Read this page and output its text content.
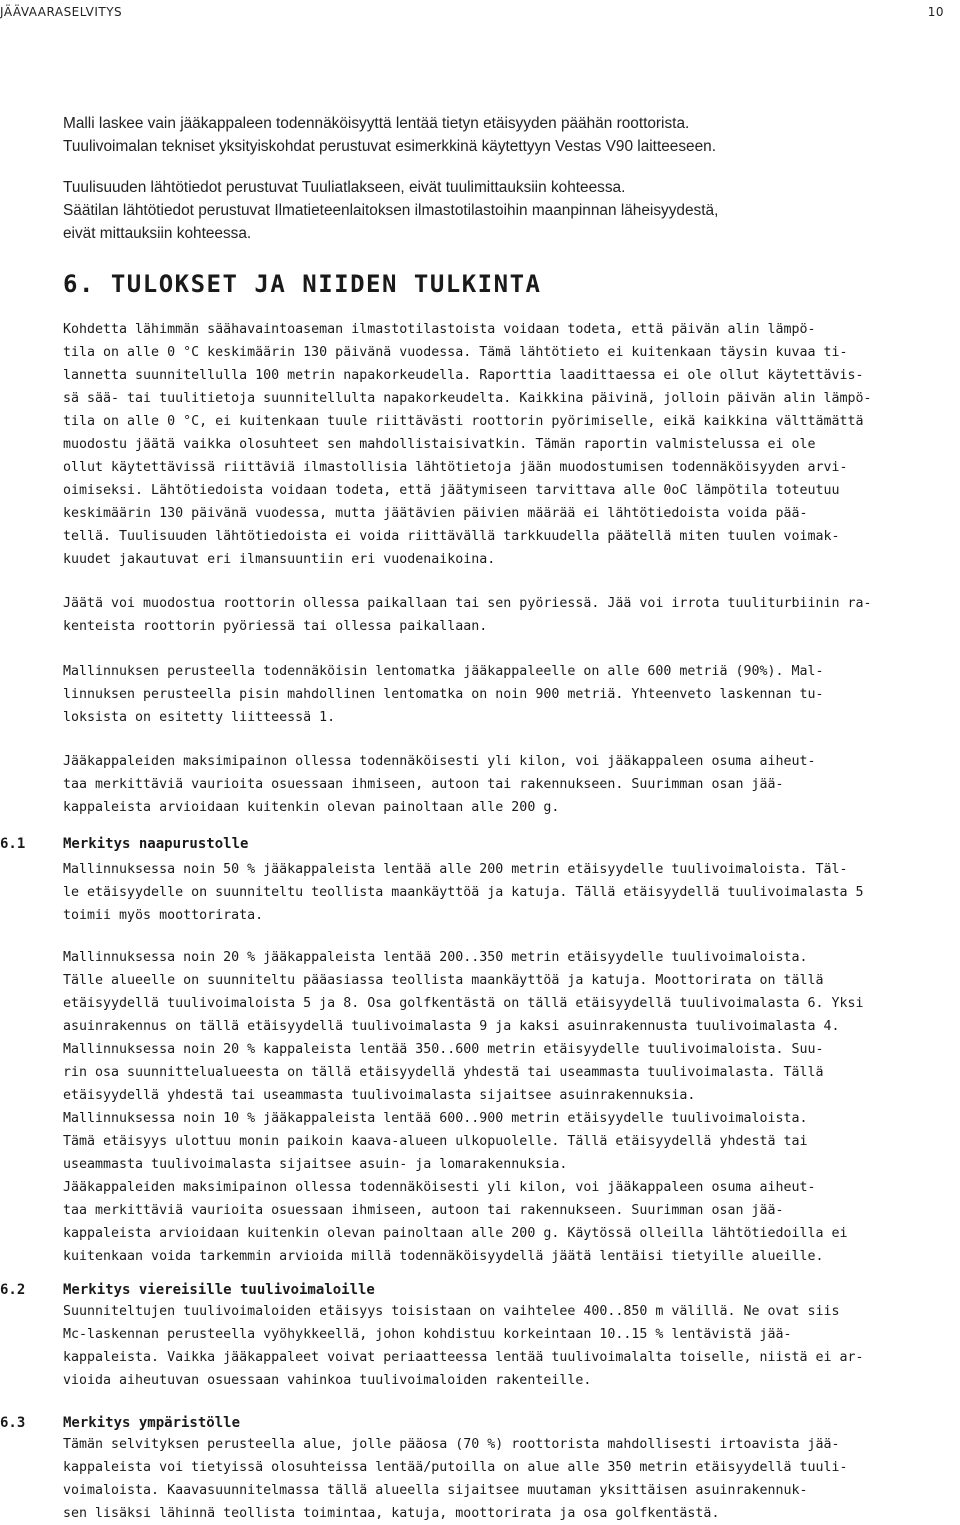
JÄÄVAARASELVITYS	10

Malli laskee vain jääkappaleen todennäköisyyttä lentää tietyn etäisyyden päähän roottorista.
Tuulivoimalan tekniset yksityiskohdat perustuvat esimerkkinä käytettyyn Vestas V90 laitteeseen.

Tuulisuuden lähtötiedot perustuvat Tuuliatlakseen, eivät tuulimittauksiin kohteessa.
Säätilan lähtötiedot perustuvat Ilmatieteenlaitoksen ilmastotilastoihin maanpinnan läheisyydestä,
eivät mittauksiin kohteessa.

6. TULOKSET JA NIIDEN TULKINTA

Kohdetta lähimmän säähavaintoaseman ilmastotilastoista voidaan todeta, että päivän alin lämpö-
tila on alle 0 °C keskimäärin 130 päivänä vuodessa. Tämä lähtötieto ei kuitenkaan täysin kuvaa ti-
lannetta suunnitellulla 100 metrin napakorkeudella. Raporttia laadittaessa ei ole ollut käytettävis-
sä sää- tai tuulitietoja suunnitellulta napakorkeudelta. Kaikkina päivinä, jolloin päivän alin lämpö-
tila on alle 0 °C, ei kuitenkaan tuule riittävästi roottorin pyörimiselle, eikä kaikkina välttämättä
muodostu jäätä vaikka olosuhteet sen mahdollistaisivatkin. Tämän raportin valmistelussa ei ole
ollut käytettävissä riittäviä ilmastollisia lähtötietoja jään muodostumisen todennäköisyyden arvi-
oimiseksi. Lähtötiedoista voidaan todeta, että jäätymiseen tarvittava alle 0oC lämpötila toteutuu
keskimäärin 130 päivänä vuodessa, mutta jäätävien päivien määrää ei lähtötiedoista voida pää-
tellä. Tuulisuuden lähtötiedoista ei voida riittävällä tarkkuudella päätellä miten tuulen voimak-
kuudet jakautuvat eri ilmansuuntiin eri vuodenaikoina.

Jäätä voi muodostua roottorin ollessa paikallaan tai sen pyöriessä. Jää voi irrota tuuliturbiinin ra-
kenteista roottorin pyöriessä tai ollessa paikallaan.

Mallinnuksen perusteella todennäköisin lentomatka jääkappaleelle on alle 600 metriä (90%). Mal-
linnuksen perusteella pisin mahdollinen lentomatka on noin 900 metriä. Yhteenveto laskennan tu-
loksista on esitetty liitteessä 1.

Jääkappaleiden maksimipainon ollessa todennäköisesti yli kilon, voi jääkappaleen osuma aiheut-
taa merkittäviä vaurioita osuessaan ihmiseen, autoon tai rakennukseen. Suurimman osan jää-
kappaleista arvioidaan kuitenkin olevan painoltaan alle 200 g.

6.1	Merkitys naapurustolle

Mallinnuksessa noin 50 % jääkappaleista lentää alle 200 metrin etäisyydelle tuulivoimaloista. Täl-
le etäisyydelle on suunniteltu teollista maankäyttöä ja katuja. Tällä etäisyydellä tuulivoimalasta 5
toimii myös moottorirata.

Mallinnuksessa noin 20 % jääkappaleista lentää 200..350 metrin etäisyydelle tuulivoimaloista.
Tälle alueelle on suunniteltu pääasiassa teollista maankäyttöä ja katuja. Moottorirata on tällä
etäisyydellä tuulivoimaloista 5 ja 8. Osa golfkentästä on tällä etäisyydellä tuulivoimalasta 6. Yksi
asuinrakennus on tällä etäisyydellä tuulivoimalasta 9 ja kaksi asuinrakennusta tuulivoimalasta 4.
Mallinnuksessa noin 20 % kappaleista lentää 350..600 metrin etäisyydelle tuulivoimaloista. Suu-
rin osa suunnittelualueesta on tällä etäisyydellä yhdestä tai useammasta tuulivoimalasta. Tällä
etäisyydellä yhdestä tai useammasta tuulivoimalasta sijaitsee asuinrakennuksia.
Mallinnuksessa noin 10 % jääkappaleista lentää 600..900 metrin etäisyydelle tuulivoimaloista.
Tämä etäisyys ulottuu monin paikoin kaava-alueen ulkopuolelle. Tällä etäisyydellä yhdestä tai
useammasta tuulivoimalasta sijaitsee asuin- ja lomarakennuksia.
Jääkappaleiden maksimipainon ollessa todennäköisesti yli kilon, voi jääkappaleen osuma aiheut-
taa merkittäviä vaurioita osuessaan ihmiseen, autoon tai rakennukseen. Suurimman osan jää-
kappaleista arvioidaan kuitenkin olevan painoltaan alle 200 g. Käytössä olleilla lähtötiedoilla ei
kuitenkaan voida tarkemmin arvioida millä todennäköisyydellä jäätä lentäisi tietyille alueille.

6.2	Merkitys viereisille tuulivoimaloille

Suunniteltujen tuulivoimaloiden etäisyys toisistaan on vaihtelee 400..850 m välillä. Ne ovat siis
Mc-laskennan perusteella vyöhykkeellä, johon kohdistuu korkeintaan 10..15 % lentävistä jää-
kappaleista. Vaikka jääkappaleet voivat periaatteessa lentää tuulivoimalalta toiselle, niistä ei ar-
vioida aiheutuvan osuessaan vahinkoa tuulivoimaloiden rakenteille.

6.3	Merkitys ympäristölle

Tämän selvityksen perusteella alue, jolle pääosa (70 %) roottorista mahdollisesti irtoavista jää-
kappaleista voi tietyissä olosuhteissa lentää/putoilla on alue alle 350 metrin etäisyydellä tuuli-
voimaloista. Kaavasuunnitelmassa tällä alueella sijaitsee muutaman yksittäisen asuinrakennuk-
sen lisäksi lähinnä teollista toimintaa, katuja, moottorirata ja osa golfkentästä.
